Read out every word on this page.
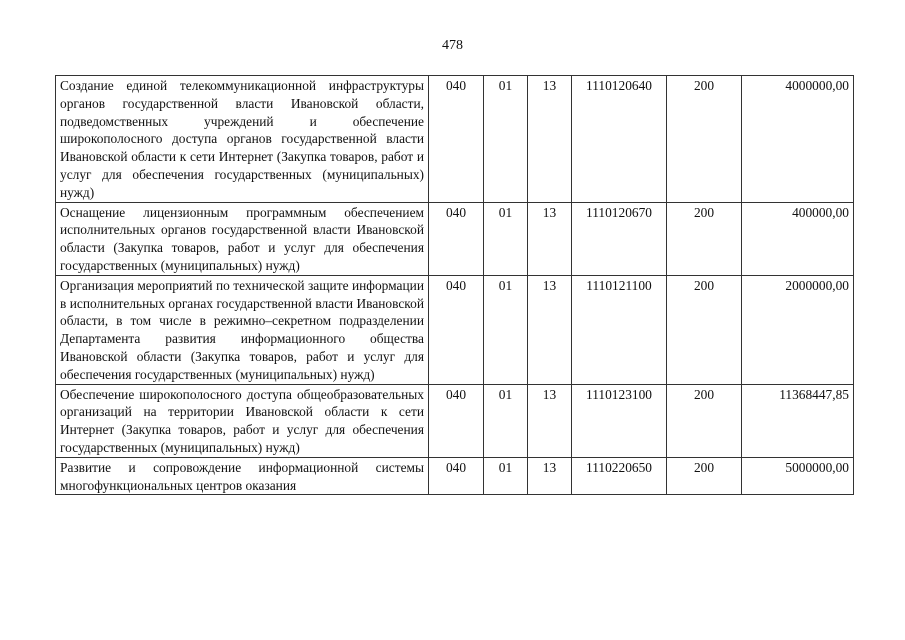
478
Создание единой телекоммуникационной инфраструктуры органов государственной власти Ивановской области, подведомственных учреждений и обеспечение широкополосного доступа органов государственной власти Ивановской области к сети Интернет (Закупка товаров, работ и услуг для обеспечения государственных (муниципальных) нужд)	040	01	13	1110120640	200	4000000,00
Оснащение лицензионным программным обеспечением исполнительных органов государственной власти Ивановской области (Закупка товаров, работ и услуг для обеспечения государственных (муниципальных) нужд)	040	01	13	1110120670	200	400000,00
Организация мероприятий по технической защите информации в исполнительных органах государственной власти Ивановской области, в том числе в режимно–секретном подразделении Департамента развития информационного общества Ивановской области (Закупка товаров, работ и услуг для обеспечения государственных (муниципальных) нужд)	040	01	13	1110121100	200	2000000,00
Обеспечение широкополосного доступа общеобразовательных организаций на территории Ивановской области к сети Интернет (Закупка товаров, работ и услуг для обеспечения государственных (муниципальных) нужд)	040	01	13	1110123100	200	11368447,85
Развитие и сопровождение информационной системы многофункциональных центров оказания	040	01	13	1110220650	200	5000000,00
